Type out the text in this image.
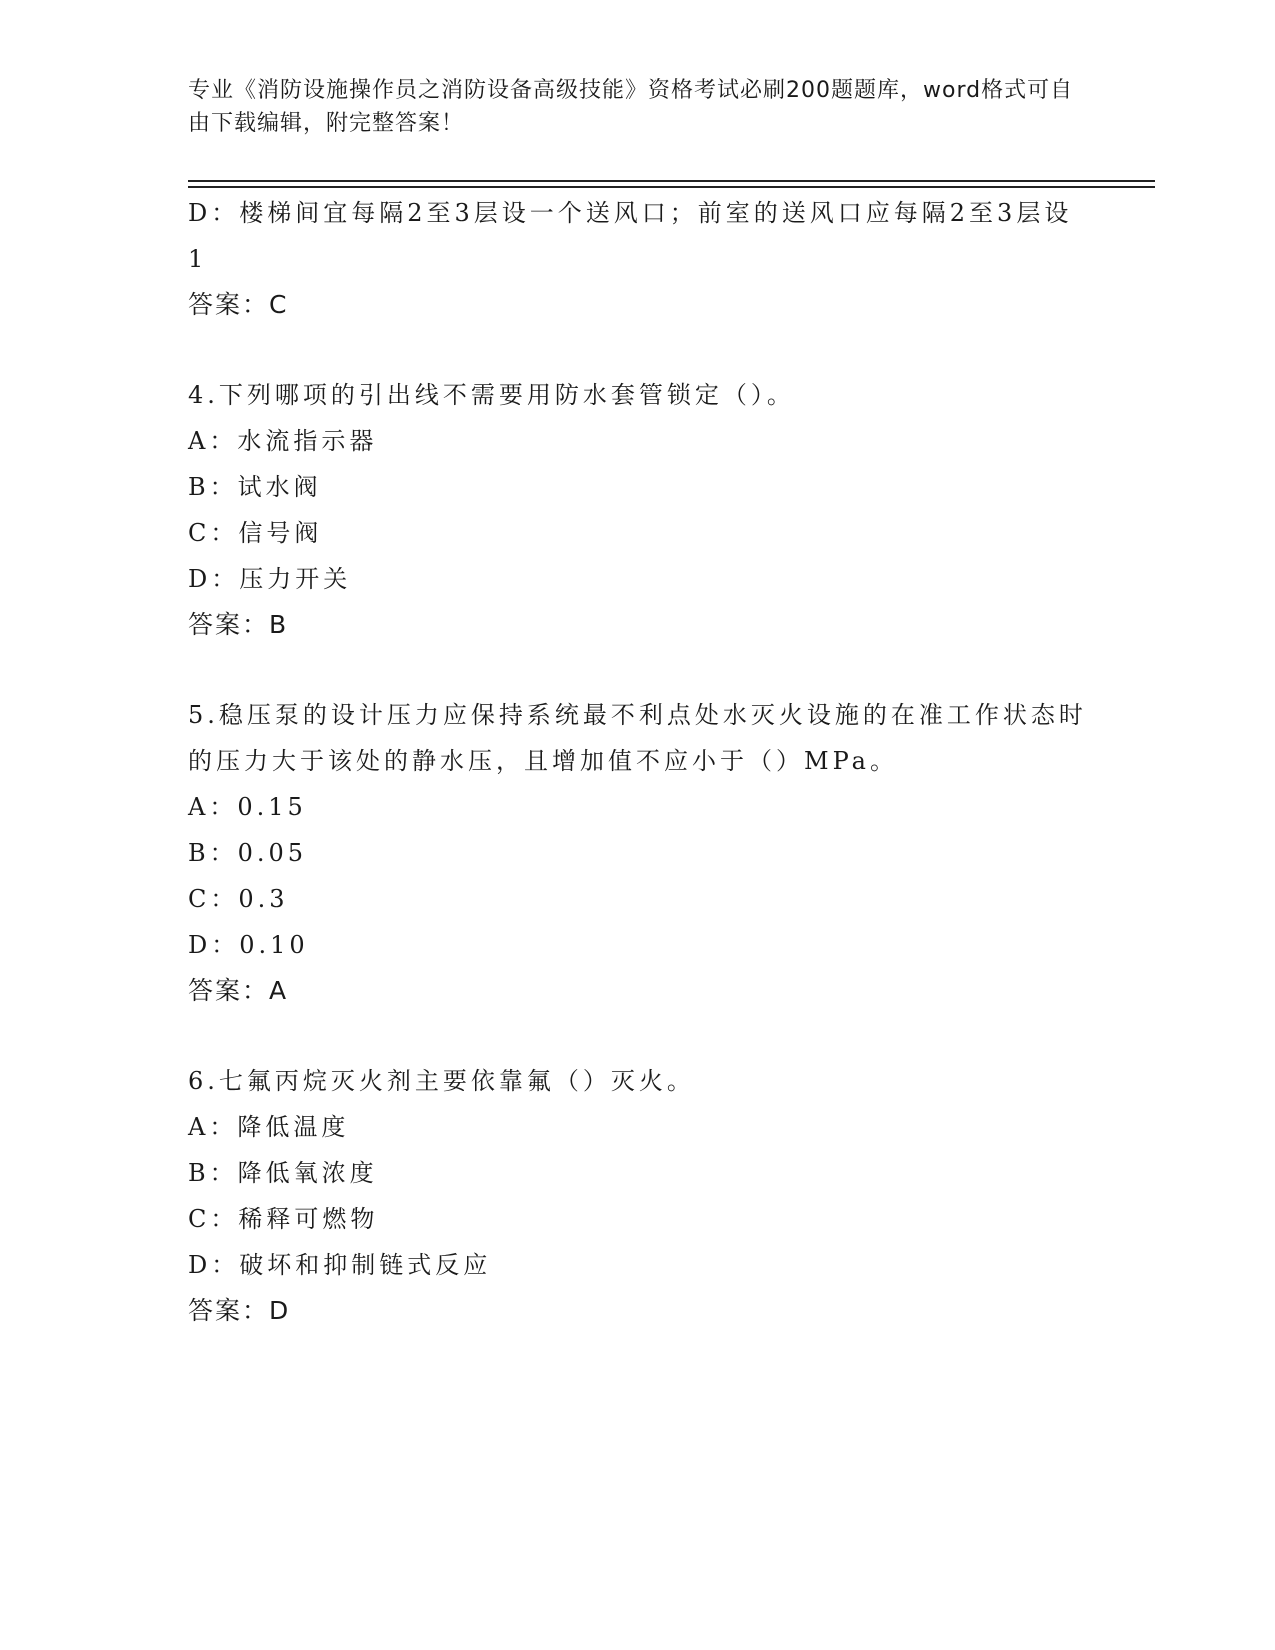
专业《消防设施操作员之消防设备高级技能》资格考试必刷200题题库，word格式可自由下载编辑，附完整答案！
D：楼梯间宜每隔2至3层设一个送风口；前室的送风口应每隔2至3层设1
答案：C
4.下列哪项的引出线不需要用防水套管锁定（）。
A：水流指示器
B：试水阀
C：信号阀
D：压力开关
答案：B
5.稳压泵的设计压力应保持系统最不利点处水灭火设施的在准工作状态时的压力大于该处的静水压，且增加值不应小于（）MPa。
A：0.15
B：0.05
C：0.3
D：0.10
答案：A
6.七氟丙烷灭火剂主要依靠氟（）灭火。
A：降低温度
B：降低氧浓度
C：稀释可燃物
D：破坏和抑制链式反应
答案：D
